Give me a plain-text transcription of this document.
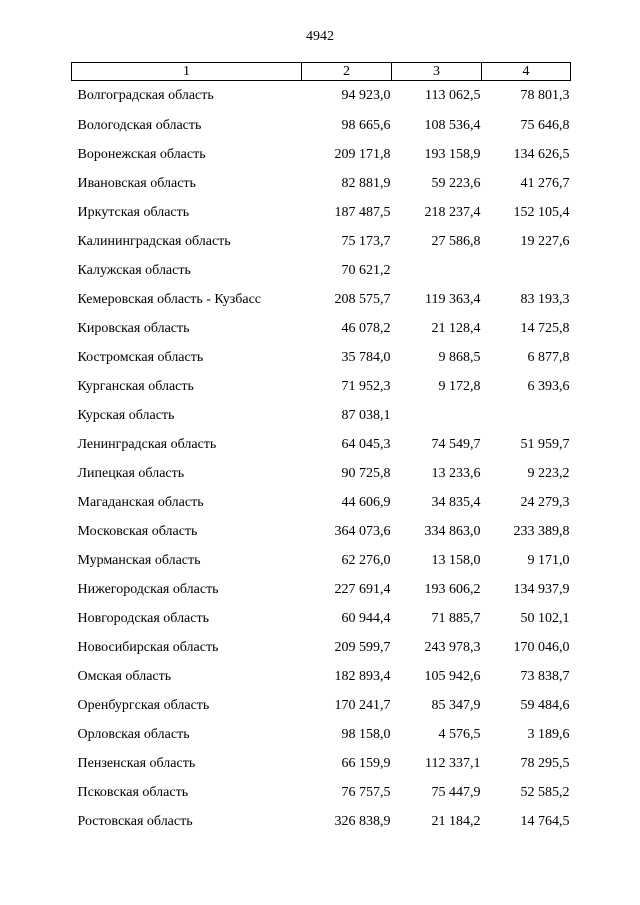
4942
1	2	3	4
Волгоградская область	94 923,0	113 062,5	78 801,3
Вологодская область	98 665,6	108 536,4	75 646,8
Воронежская область	209 171,8	193 158,9	134 626,5
Ивановская область	82 881,9	59 223,6	41 276,7
Иркутская область	187 487,5	218 237,4	152 105,4
Калининградская область	75 173,7	27 586,8	19 227,6
Калужская область	70 621,2		
Кемеровская область - Кузбасс	208 575,7	119 363,4	83 193,3
Кировская область	46 078,2	21 128,4	14 725,8
Костромская область	35 784,0	9 868,5	6 877,8
Курганская область	71 952,3	9 172,8	6 393,6
Курская область	87 038,1		
Ленинградская область	64 045,3	74 549,7	51 959,7
Липецкая область	90 725,8	13 233,6	9 223,2
Магаданская область	44 606,9	34 835,4	24 279,3
Московская область	364 073,6	334 863,0	233 389,8
Мурманская область	62 276,0	13 158,0	9 171,0
Нижегородская область	227 691,4	193 606,2	134 937,9
Новгородская область	60 944,4	71 885,7	50 102,1
Новосибирская область	209 599,7	243 978,3	170 046,0
Омская область	182 893,4	105 942,6	73 838,7
Оренбургская область	170 241,7	85 347,9	59 484,6
Орловская область	98 158,0	4 576,5	3 189,6
Пензенская область	66 159,9	112 337,1	78 295,5
Псковская область	76 757,5	75 447,9	52 585,2
Ростовская область	326 838,9	21 184,2	14 764,5
